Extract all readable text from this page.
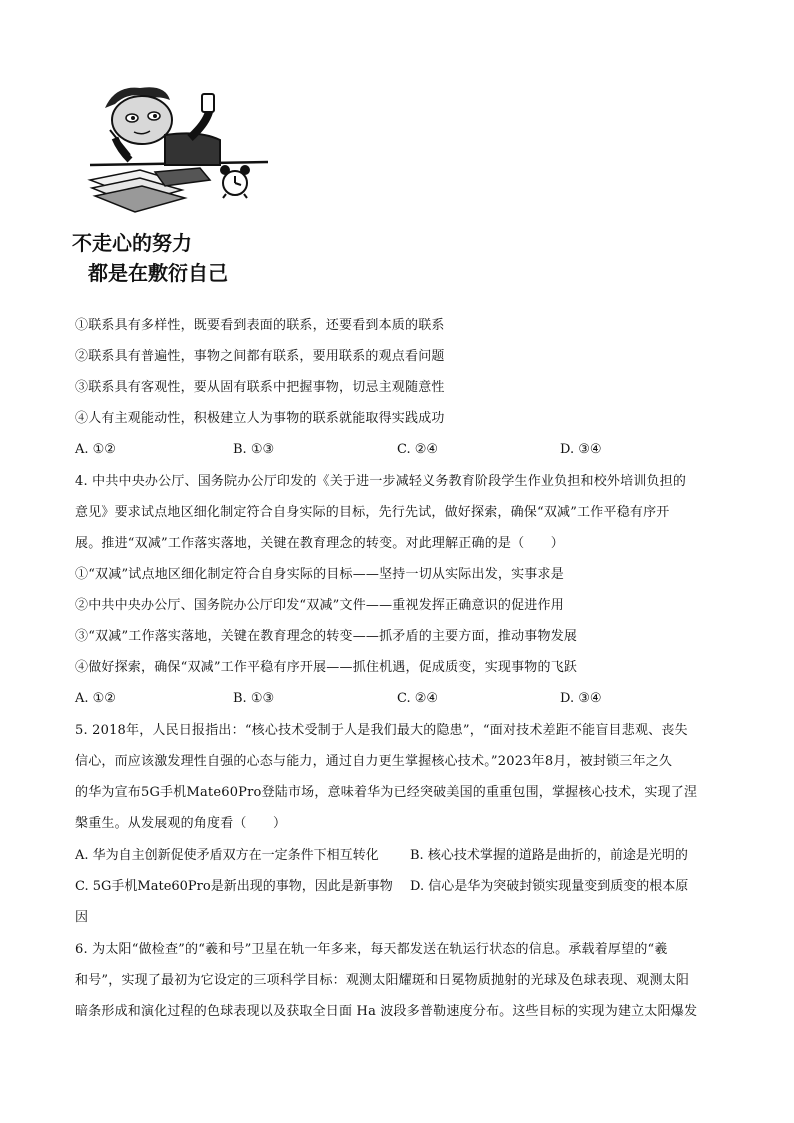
不走心的努力
都是在敷衍自己
①联系具有多样性，既要看到表面的联系，还要看到本质的联系
②联系具有普遍性，事物之间都有联系，要用联系的观点看问题
③联系具有客观性，要从固有联系中把握事物，切忌主观随意性
④人有主观能动性，积极建立人为事物的联系就能取得实践成功
A. ①②	B. ①③	C. ②④	D. ③④
4. 中共中央办公厅、国务院办公厅印发的《关于进一步减轻义务教育阶段学生作业负担和校外培训负担的
意见》要求试点地区细化制定符合自身实际的目标，先行先试，做好探索，确保“双减”工作平稳有序开
展。推进“双减”工作落实落地，关键在教育理念的转变。对此理解正确的是（　　）
①“双减”试点地区细化制定符合自身实际的目标——坚持一切从实际出发，实事求是
②中共中央办公厅、国务院办公厅印发“双减”文件——重视发挥正确意识的促进作用
③“双减”工作落实落地，关键在教育理念的转变——抓矛盾的主要方面，推动事物发展
④做好探索，确保“双减”工作平稳有序开展——抓住机遇，促成质变，实现事物的飞跃
A. ①②	B. ①③	C. ②④	D. ③④
5. 2018年，人民日报指出：“核心技术受制于人是我们最大的隐患”，“面对技术差距不能盲目悲观、丧失
信心，而应该激发理性自强的心态与能力，通过自力更生掌握核心技术。”2023年8月，被封锁三年之久
的华为宣布5G手机Mate60Pro登陆市场，意味着华为已经突破美国的重重包围，掌握核心技术，实现了涅
槃重生。从发展观的角度看（　　）
A. 华为自主创新促使矛盾双方在一定条件下相互转化 B. 核心技术掌握的道路是曲折的，前途是光明的
C. 5G手机Mate60Pro是新出现的事物，因此是新事物 D. 信心是华为突破封锁实现量变到质变的根本原
因
6. 为太阳“做检查”的“羲和号”卫星在轨一年多来，每天都发送在轨运行状态的信息。承载着厚望的“羲
和号”，实现了最初为它设定的三项科学目标：观测太阳耀斑和日冕物质抛射的光球及色球表现、观测太阳
暗条形成和演化过程的色球表现以及获取全日面 Ha 波段多普勒速度分布。这些目标的实现为建立太阳爆发
